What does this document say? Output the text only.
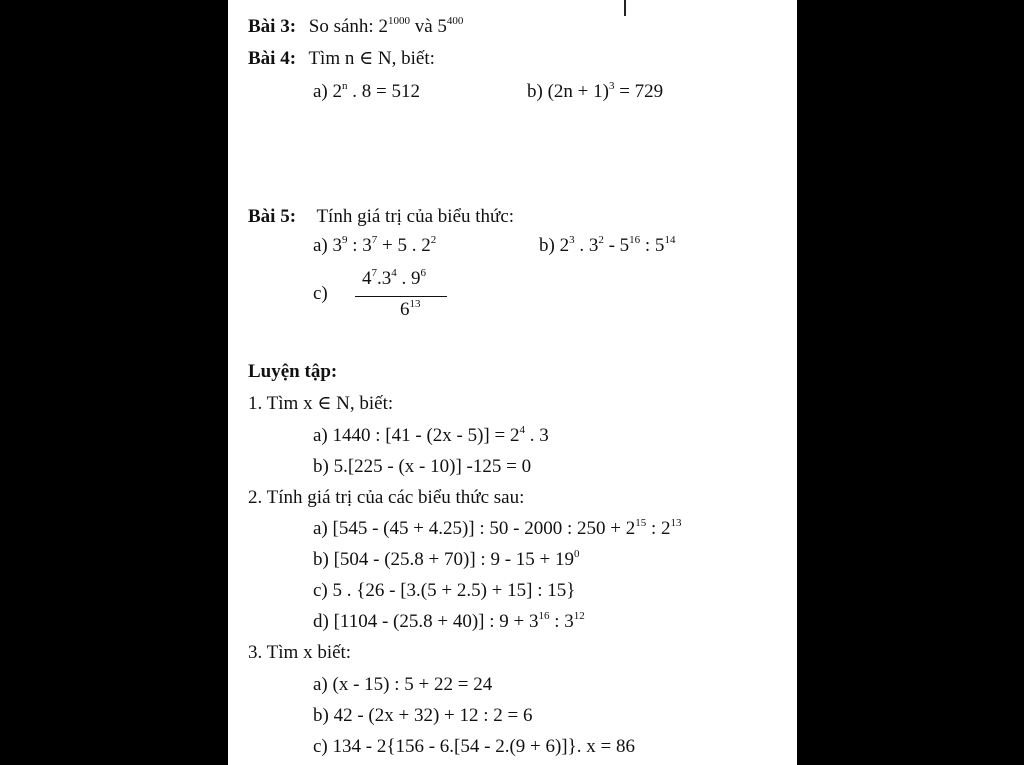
Bài 3: So sánh: $2^{1000}$ và $5^{400}$
Bài 4: Tìm n ∈ N, biết:
a) 2$^n$ . 8 = 512	b) $(2n + 1)^3 = 729$
Bài 5: Tính giá trị của biểu thức:
a) $3^9$ : $3^7 + 5$ . $2^2$	b) $2^3$ . $3^2 - 5^{16}$ : $5^{14}$
c)
$4^7.3^4$ . $9^6$
$6^{13}$
Luyện tập:
1. Tìm x ∈ N, biết:
a) 1440 : $[41 - (2x - 5)] = 2^4$ . 3
b) 5.[225 - (x - 10)] -125 = 0
2. Tính giá trị của các biểu thức sau:
a) [545 - (45 + 4.25)] : 50 - 2000 : $250 + 2^{15}$ : $2^{13}$
b) [504 - (25.8 + 70)] : $9 - 15 + 19^0$
c) 5 . {26 - [3.(5 + 2.5) + 15] : 15}
d) [1104 - (25.8 + 40)] : $9 + 3^{16}$ : $3^{12}$
3. Tìm x biết:
a) (x - 15) : 5 + 22 = 24
b) 42 - (2x + 32) + 12 : 2 = 6
c) 134 - 2{156 - 6.[54 - 2.(9 + 6)]}. x = 86
